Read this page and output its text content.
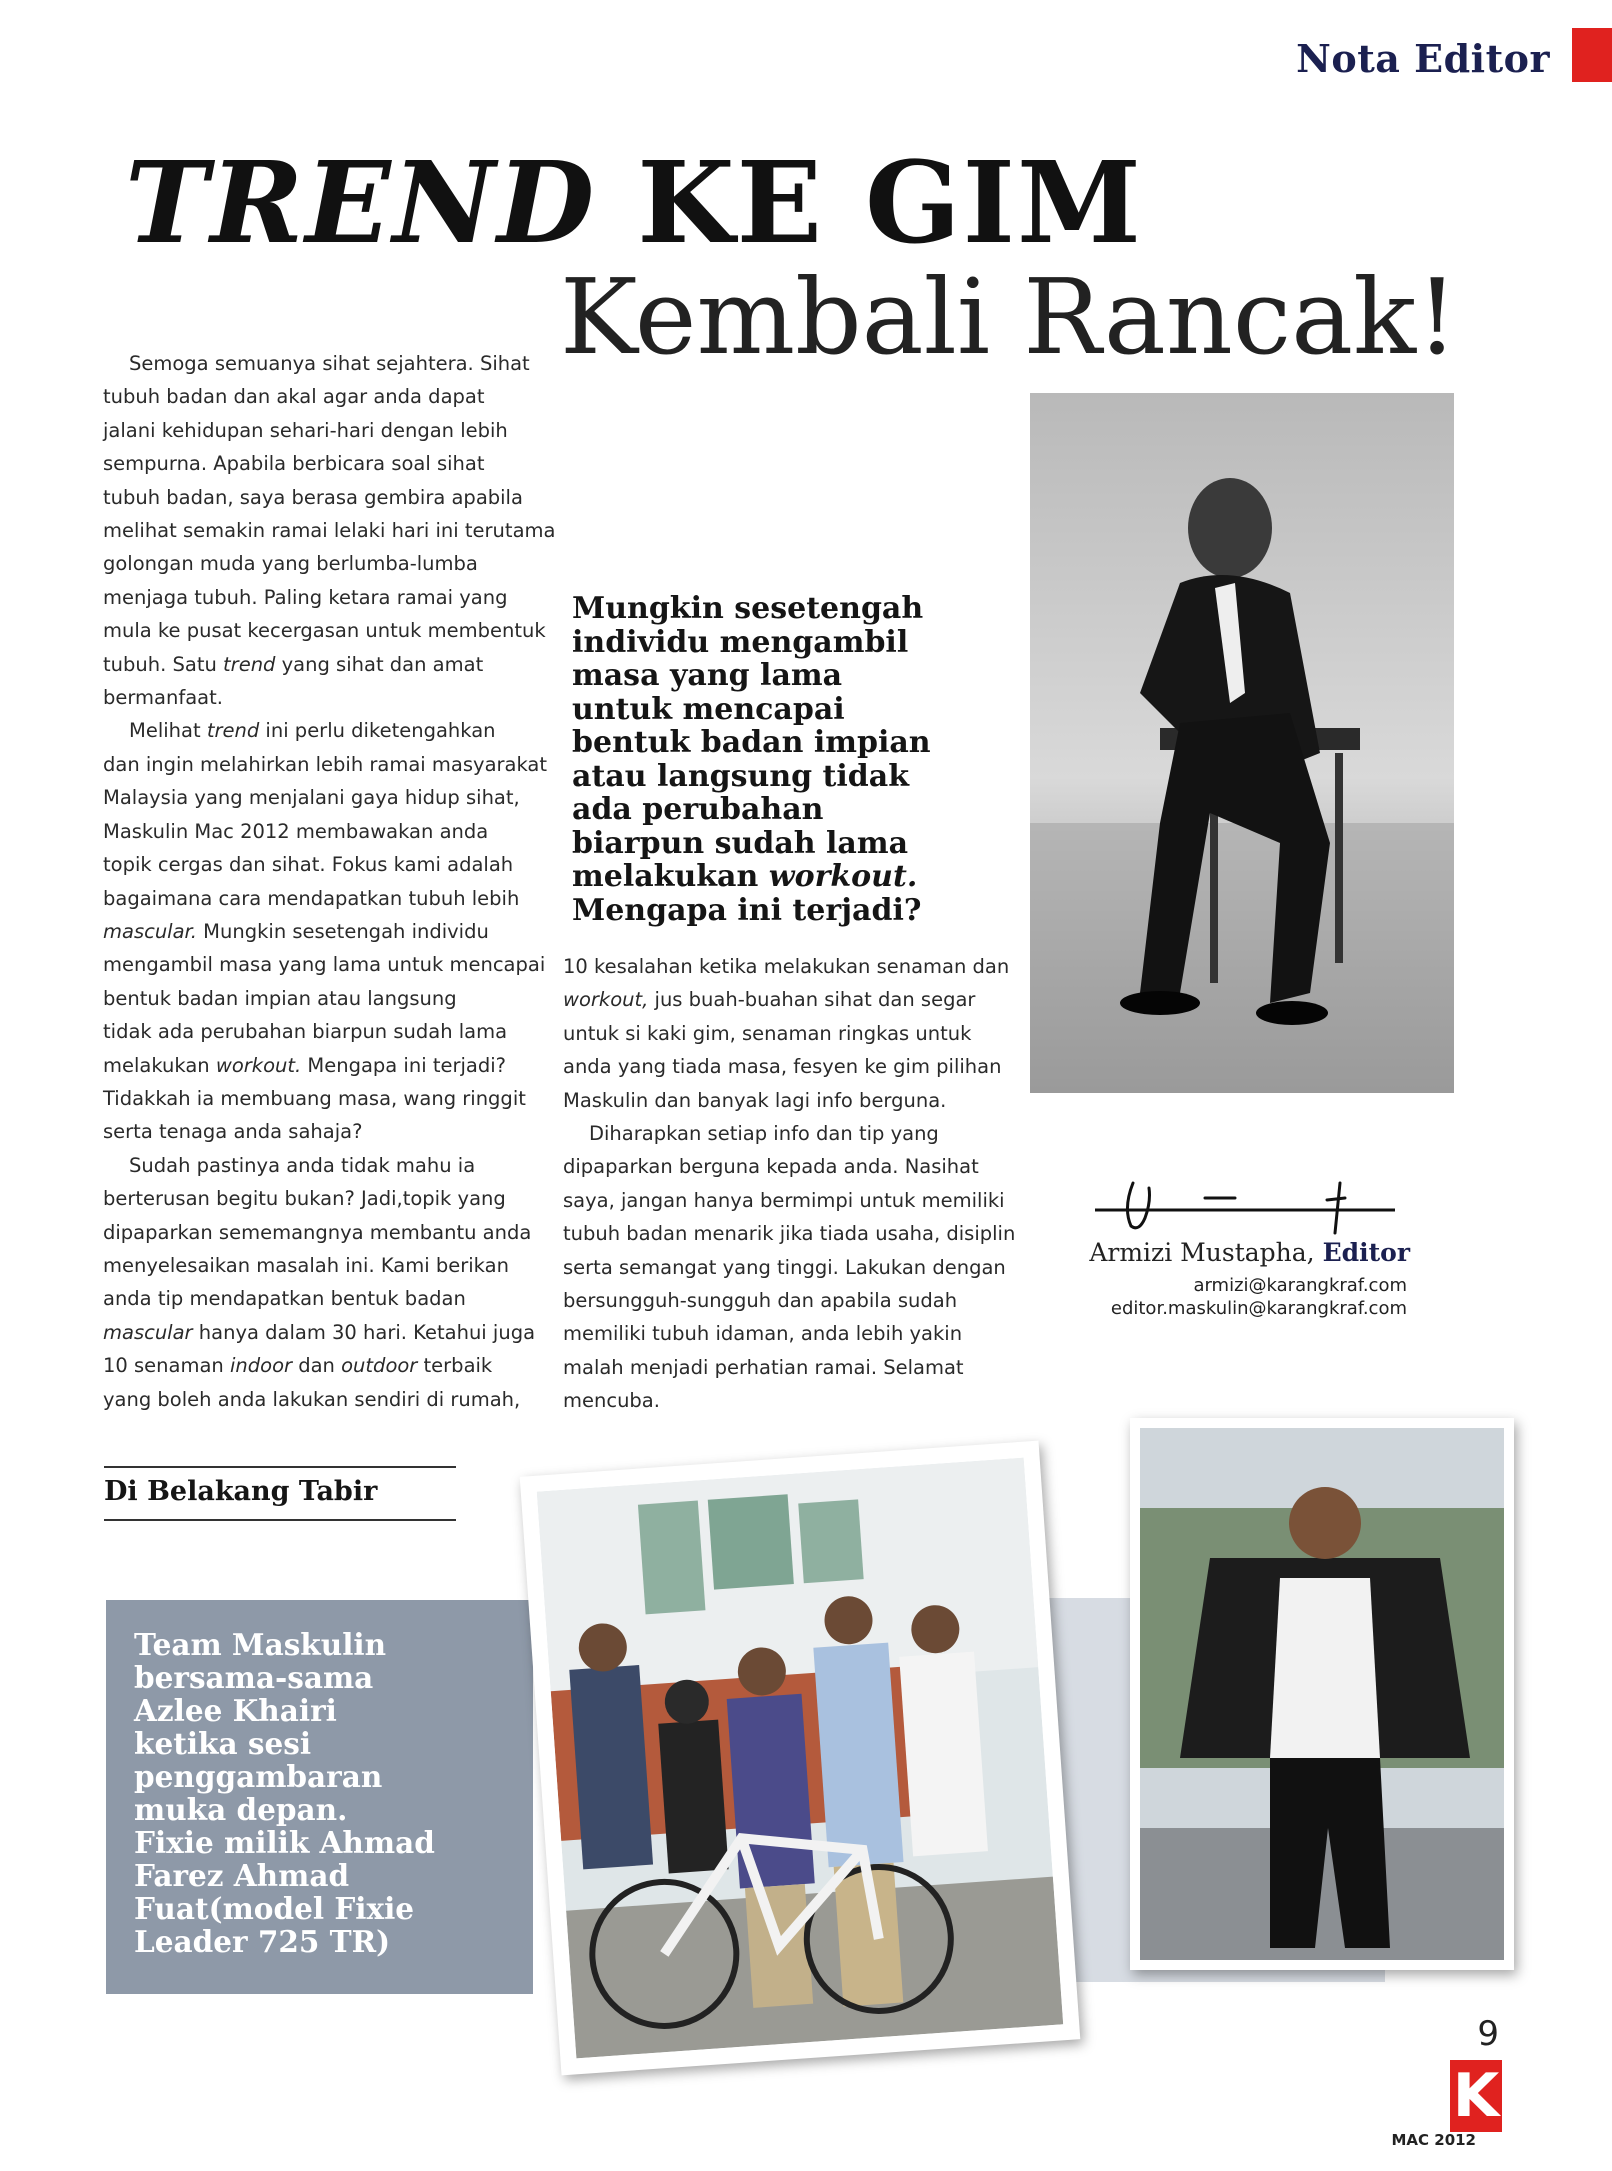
Nota Editor
TREND KE GIM
Kembali Rancak!
Semoga semuanya sihat sejahtera. Sihat
tubuh badan dan akal agar anda dapat
jalani kehidupan sehari-hari dengan lebih
sempurna. Apabila berbicara soal sihat
tubuh badan, saya berasa gembira apabila
melihat semakin ramai lelaki hari ini terutama
golongan muda yang berlumba-lumba
menjaga tubuh. Paling ketara ramai yang
mula ke pusat kecergasan untuk membentuk
tubuh. Satu trend yang sihat dan amat
bermanfaat.
Melihat trend ini perlu diketengahkan
dan ingin melahirkan lebih ramai masyarakat
Malaysia yang menjalani gaya hidup sihat,
Maskulin Mac 2012 membawakan anda
topik cergas dan sihat. Fokus kami adalah
bagaimana cara mendapatkan tubuh lebih
mascular. Mungkin sesetengah individu
mengambil masa yang lama untuk mencapai
bentuk badan impian atau langsung
tidak ada perubahan biarpun sudah lama
melakukan workout. Mengapa ini terjadi?
Tidakkah ia membuang masa, wang ringgit
serta tenaga anda sahaja?
Sudah pastinya anda tidak mahu ia
berterusan begitu bukan? Jadi,topik yang
dipaparkan sememangnya membantu anda
menyelesaikan masalah ini. Kami berikan
anda tip mendapatkan bentuk badan
mascular hanya dalam 30 hari. Ketahui juga
10 senaman indoor dan outdoor terbaik
yang boleh anda lakukan sendiri di rumah,
Mungkin sesetengah
individu mengambil
masa yang lama
untuk mencapai
bentuk badan impian
atau langsung tidak
ada perubahan
biarpun sudah lama
melakukan workout.
Mengapa ini terjadi?
10 kesalahan ketika melakukan senaman dan
workout, jus buah-buahan sihat dan segar
untuk si kaki gim, senaman ringkas untuk
anda yang tiada masa, fesyen ke gim pilihan
Maskulin dan banyak lagi info berguna.
Diharapkan setiap info dan tip yang
dipaparkan berguna kepada anda. Nasihat
saya, jangan hanya bermimpi untuk memiliki
tubuh badan menarik jika tiada usaha, disiplin
serta semangat yang tinggi. Lakukan dengan
bersungguh-sungguh dan apabila sudah
memiliki tubuh idaman, anda lebih yakin
malah menjadi perhatian ramai. Selamat
mencuba.
Armizi Mustapha, Editor
armizi@karangkraf.com
editor.maskulin@karangkraf.com
Di Belakang Tabir
Team Maskulin
bersama-sama
Azlee Khairi
ketika sesi
penggambaran
muka depan.
Fixie milik Ahmad
Farez Ahmad
Fuat(model Fixie
Leader 725 TR)
9
K
MAC 2012
